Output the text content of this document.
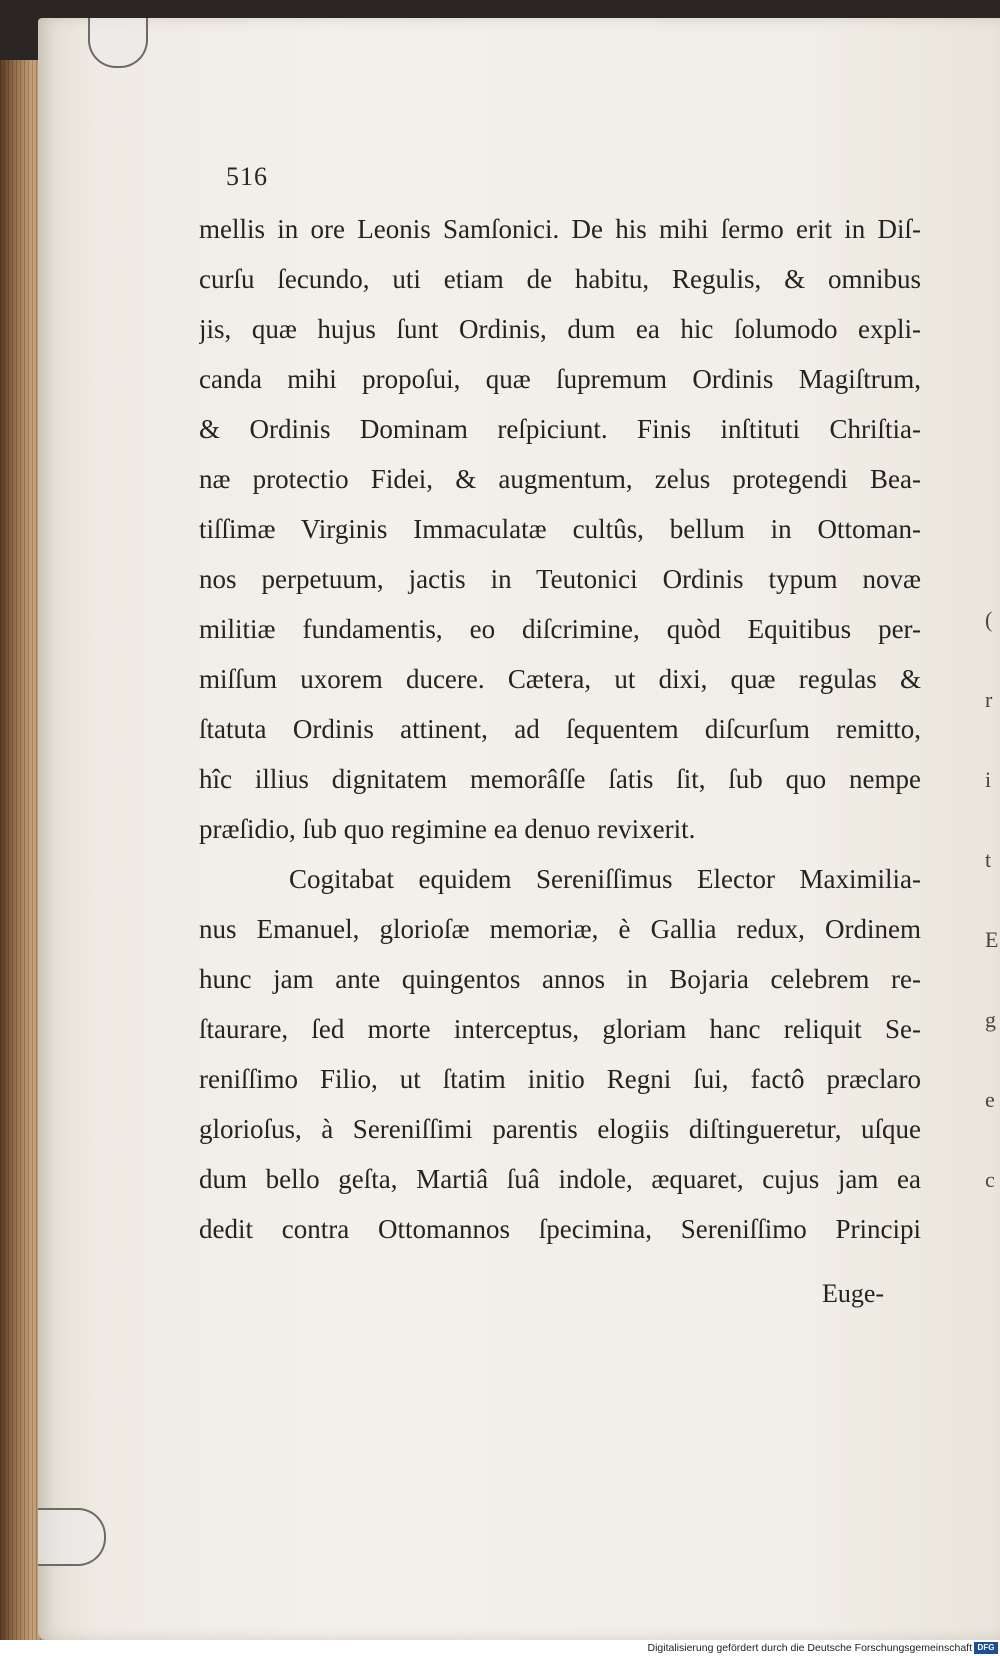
516
mellis in ore Leonis Samſonici. De his mihi ſermo erit in Diſ-
curſu ſecundo, uti etiam de habitu, Regulis, & omnibus
jis, quæ hujus ſunt Ordinis, dum ea hic ſolumodo expli-
canda mihi propoſui, quæ ſupremum Ordinis Magiſtrum,
& Ordinis Dominam reſpiciunt. Finis inſtituti Chriſtia-
næ protectio Fidei, & augmentum, zelus protegendi Bea-
tiſſimæ Virginis Immaculatæ cultûs, bellum in Ottoman-
nos perpetuum, jactis in Teutonici Ordinis typum novæ
militiæ fundamentis, eo diſcrimine, quòd Equitibus per-
miſſum uxorem ducere. Cætera, ut dixi, quæ regulas &
ſtatuta Ordinis attinent, ad ſequentem diſcurſum remitto,
hîc illius dignitatem memorâſſe ſatis ſit, ſub quo nempe
præſidio, ſub quo regimine ea denuo revixerit.
Cogitabat equidem Sereniſſimus Elector Maximilia-
nus Emanuel, glorioſæ memoriæ, è Gallia redux, Ordinem
hunc jam ante quingentos annos in Bojaria celebrem re-
ſtaurare, ſed morte interceptus, gloriam hanc reliquit Se-
reniſſimo Filio, ut ſtatim initio Regni ſui, factô præclaro
glorioſus, à Sereniſſimi parentis elogiis diſtingueretur, uſque
dum bello geſta, Martiâ ſuâ indole, æquaret, cujus jam ea
dedit contra Ottomannos ſpecimina, Sereniſſimo Principi
Euge-
(
r
i
t
E
g
e
c
Digitalisierung gefördert durch die Deutsche Forschungsgemeinschaft DFG
